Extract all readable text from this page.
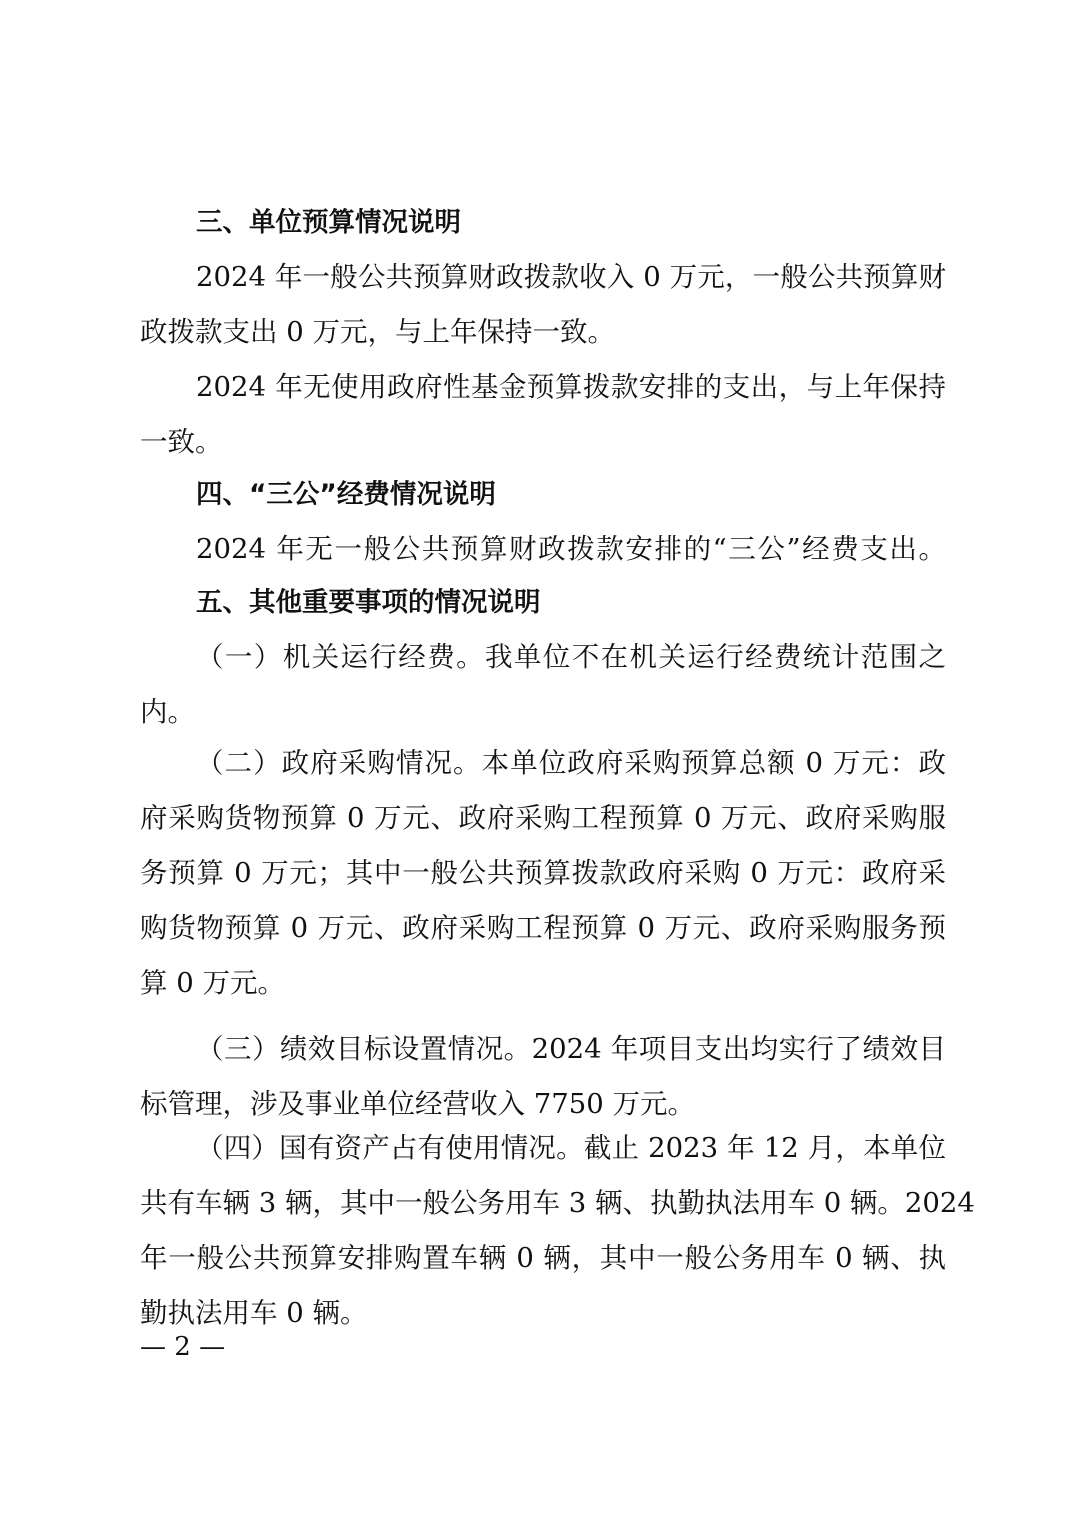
三、单位预算情况说明
2024 年一般公共预算财政拨款收入 0 万元，一般公共预算财
政拨款支出 0 万元，与上年保持一致。
2024 年无使用政府性基金预算拨款安排的支出，与上年保持
一致。
四、“三公”经费情况说明
2024 年无一般公共预算财政拨款安排的“三公”经费支出。
五、其他重要事项的情况说明
（一）机关运行经费。我单位不在机关运行经费统计范围之
内。
（二）政府采购情况。本单位政府采购预算总额 0 万元：政
府采购货物预算 0 万元、政府采购工程预算 0 万元、政府采购服
务预算 0 万元；其中一般公共预算拨款政府采购 0 万元：政府采
购货物预算 0 万元、政府采购工程预算 0 万元、政府采购服务预
算 0 万元。
（三）绩效目标设置情况。2024 年项目支出均实行了绩效目
标管理，涉及事业单位经营收入 7750 万元。
（四）国有资产占有使用情况。截止 2023 年 12 月，本单位
共有车辆 3 辆，其中一般公务用车 3 辆、执勤执法用车 0 辆。2024
年一般公共预算安排购置车辆 0 辆，其中一般公务用车 0 辆、执
勤执法用车 0 辆。
— 2 —
